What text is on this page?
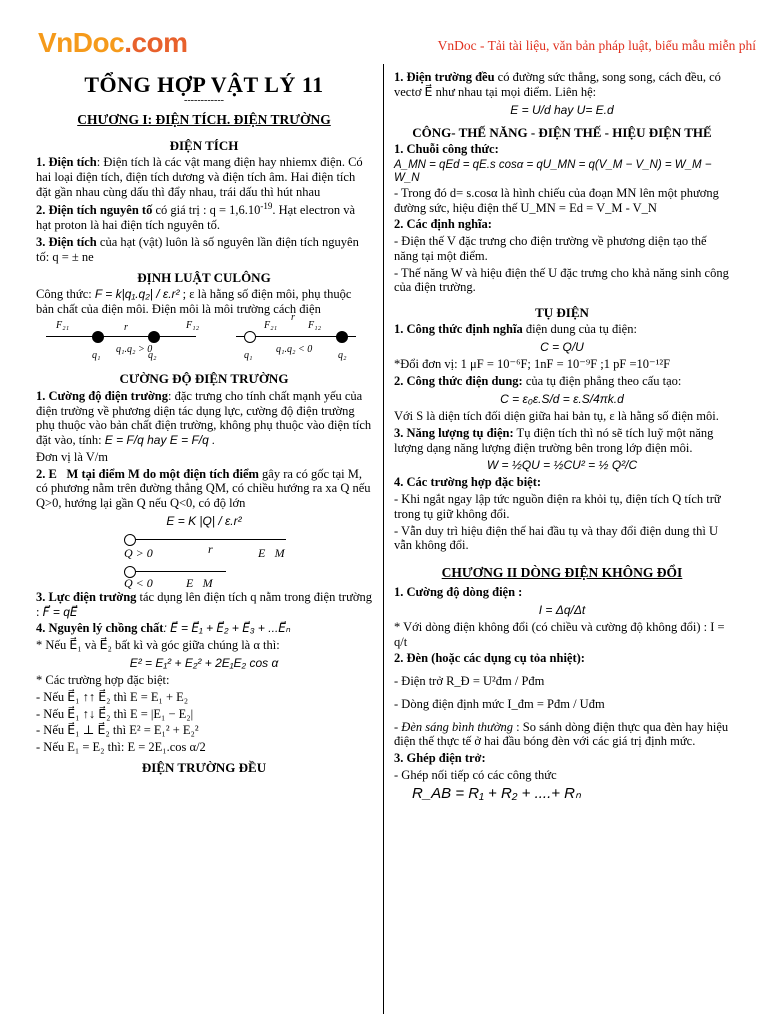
VnDoc.com	VnDoc - Tải tài liệu, văn bản pháp luật, biểu mẫu miễn phí
TỔNG HỢP VẬT LÝ 11
------------
CHƯƠNG I: ĐIỆN TÍCH. ĐIỆN TRƯỜNG
ĐIỆN TÍCH

1. Điện tích: Điện tích là các vật mang điện hay nhiemx điện. Có hai loại điện tích, điện tích dương và điện tích âm. Hai điện tích đặt gần nhau cùng dấu thì đẩy nhau, trái dấu thì hút nhau

2. Điện tích nguyên tố có giá trị : $q = 1,6.10^{-19}$. Hạt electron và hạt proton là hai điện tích nguyên tố.

3. Điện tích của hạt (vật) luôn là số nguyên lần điện tích nguyên tố: q = ± ne

ĐỊNH LUẬT CULÔNG

Công thức: F = k|q₁.q₂| / ε.r² ; ε là hằng số điện môi, phụ thuộc bản chất của điện môi. Điện môi là môi trường cách điện

F₂₁	F₁₂
r
q₁
q₁.q₂ > 0
q₂
F₂₁	F₁₂
r
q₁
q₁.q₂ < 0
q₂
CƯỜNG ĐỘ ĐIỆN TRƯỜNG

1. Cường độ điện trường: đặc trưng cho tính chất mạnh yếu của điện trường về phương diện tác dụng lực, cường độ điện trường phụ thuộc vào bản chất điện trường, không phụ thuộc vào điện tích đặt vào, tính: E = F/q hay E = F/q .

Đơn vị là V/m

2. E⃗M tại điểm M do một điện tích điểm gây ra có gốc tại M, có phương nằm trên đường thẳng QM, có chiều hướng ra xa Q nếu Q>0, hướng lại gần Q nếu Q<0, có độ lớn

E = K |Q| / ε.r²
Q > 0	r	E⃗M
Q < 0	E⃗M

3. Lực điện trường tác dụng lên điện tích q nằm trong điện trường : F⃗ = qE⃗

4. Nguyên lý chồng chất: E⃗ = E⃗₁ + E⃗₂ + E⃗₃ + ...E⃗ₙ

* Nếu E⃗₁ và E⃗₂ bất kì và góc giữa chúng là α thì:

E² = E₁² + E₂² + 2E₁E₂ cos α

* Các trường hợp đặc biệt:

- Nếu E⃗₁ ↑↑ E⃗₂ thì E = E₁ + E₂

- Nếu E⃗₁ ↑↓ E⃗₂ thì E = |E₁ − E₂|

- Nếu E⃗₁ ⊥ E⃗₂ thì E² = E₁² + E₂²

- Nếu E₁ = E₂ thì: E = 2E₁.cos α/2

ĐIỆN TRƯỜNG ĐỀU

1. Điện trường đều có đường sức thẳng, song song, cách đều, có vectơ E⃗ như nhau tại mọi điểm. Liên hệ:

E = U/d hay U= E.d
CÔNG- THẾ NĂNG - ĐIỆN THẾ - HIỆU ĐIỆN THẾ

1. Chuỗi công thức:

A_MN = qEd = qE.s cosα = qU_MN = q(V_M − V_N) = W_M − W_N

- Trong đó d= s.cosα là hình chiếu của đoạn MN lên một phương đường sức, hiệu điện thế U_MN = Ed = V_M - V_N

2. Các định nghĩa:

- Điện thế V đặc trưng cho điện trường về phương diện tạo thế năng tại một điểm.

- Thế năng W và hiệu điện thế U đặc trưng cho khả năng sinh công của điện trường.

TỤ ĐIỆN

1. Công thức định nghĩa điện dung của tụ điện:

C = Q/U

*Đổi đơn vị: 1 μF = 10⁻⁶F; 1nF = 10⁻⁹F ;1 pF =10⁻¹²F

2. Công thức điện dung: của tụ điện phẳng theo cấu tạo:

C = ε₀ε.S/d = ε.S/4πk.d

Với S là diện tích đối diện giữa hai bản tụ, ε là hằng số điện môi.

3. Năng lượng tụ điện: Tụ điện tích thì nó sẽ tích luỹ một năng lượng dạng năng lượng điện trường bên trong lớp điện môi.

W = ½QU = ½CU² = ½ Q²/C

4. Các trường hợp đặc biệt:

- Khi ngắt ngay lập tức nguồn điện ra khỏi tụ, điện tích Q tích trữ trong tụ giữ không đổi.

- Vẫn duy trì hiệu điện thế hai đầu tụ và thay đổi điện dung thì U vẫn không đổi.

CHƯƠNG II DÒNG ĐIỆN KHÔNG ĐỔI

1. Cường độ dòng điện :

I = Δq/Δt

* Với dòng điện không đổi (có chiều và cường độ không đổi) : I = q/t

2. Đèn (hoặc các dụng cụ tỏa nhiệt):

- Điện trở R_Đ = U²đm / Pđm

- Dòng điện định mức I_đm = Pđm / Uđm

- Đèn sáng bình thường : So sánh dòng điện thực qua đèn hay hiệu điện thế thực tế ở hai đầu bóng đèn với các giá trị định mức.

3. Ghép điện trở:

- Ghép nối tiếp có các công thức

R_AB = R₁ + R₂ + ....+ Rₙ
